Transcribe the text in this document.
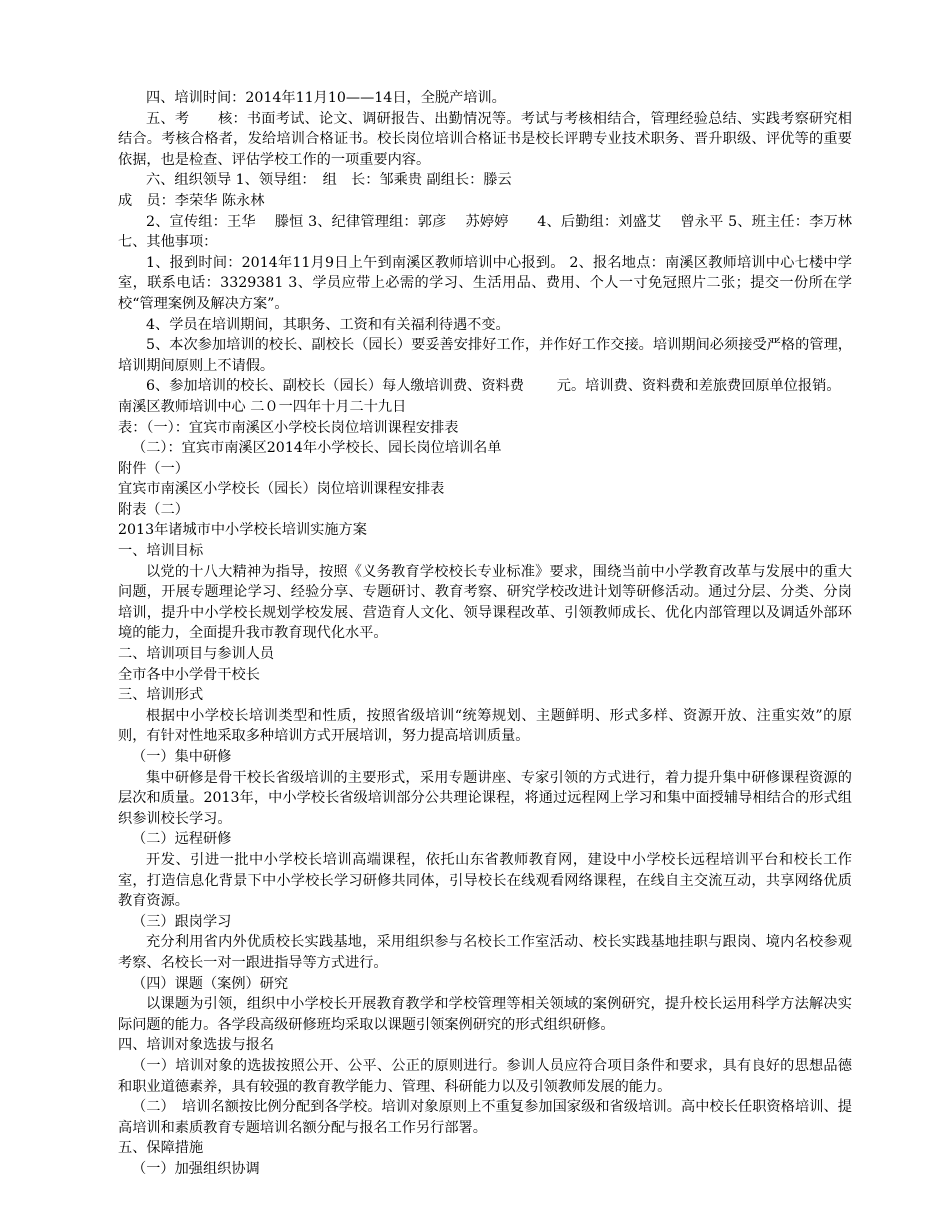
四、培训时间：2014年11月10——14日，全脱产培训。
五、考　　核：书面考试、论文、调研报告、出勤情况等。考试与考核相结合，管理经验总结、实践考察研究相结合。考核合格者，发给培训合格证书。校长岗位培训合格证书是校长评聘专业技术职务、晋升职级、评优等的重要依据，也是检查、评估学校工作的一项重要内容。
六、组织领导 1、领导组：　组　长：邹乘贵 副组长：滕云
成　员：李荣华 陈永林
2、宣传组：王华　 滕恒 3、纪律管理组：郭彦　 苏婷婷　　4、后勤组：刘盛艾　 曾永平 5、班主任：李万林 七、其他事项：
1、报到时间：2014年11月9日上午到南溪区教师培训中心报到。 2、报名地点：南溪区教师培训中心七楼中学室，联系电话：3329381 3、学员应带上必需的学习、生活用品、费用、个人一寸免冠照片二张；提交一份所在学校“管理案例及解决方案”。
4、学员在培训期间，其职务、工资和有关福利待遇不变。
5、本次参加培训的校长、副校长（园长）要妥善安排好工作，并作好工作交接。培训期间必须接受严格的管理，培训期间原则上不请假。
6、参加培训的校长、副校长（园长）每人缴培训费、资料费　　 元。培训费、资料费和差旅费回原单位报销。
南溪区教师培训中心 二０一四年十月二十九日
表：（一）：宜宾市南溪区小学校长岗位培训课程安排表
（二）：宜宾市南溪区2014年小学校长、园长岗位培训名单
附件（一）
宜宾市南溪区小学校长（园长）岗位培训课程安排表
附表（二）
2013年诸城市中小学校长培训实施方案
一、培训目标
以党的十八大精神为指导，按照《义务教育学校校长专业标准》要求，围绕当前中小学教育改革与发展中的重大问题，开展专题理论学习、经验分享、专题研讨、教育考察、研究学校改进计划等研修活动。通过分层、分类、分岗培训，提升中小学校长规划学校发展、营造育人文化、领导课程改革、引领教师成长、优化内部管理以及调适外部环境的能力，全面提升我市教育现代化水平。
二、培训项目与参训人员
全市各中小学骨干校长
三、培训形式
根据中小学校长培训类型和性质，按照省级培训“统筹规划、主题鲜明、形式多样、资源开放、注重实效”的原则，有针对性地采取多种培训方式开展培训，努力提高培训质量。
（一）集中研修
集中研修是骨干校长省级培训的主要形式，采用专题讲座、专家引领的方式进行，着力提升集中研修课程资源的层次和质量。2013年，中小学校长省级培训部分公共理论课程，将通过远程网上学习和集中面授辅导相结合的形式组织参训校长学习。
（二）远程研修
开发、引进一批中小学校长培训高端课程，依托山东省教师教育网，建设中小学校长远程培训平台和校长工作室，打造信息化背景下中小学校长学习研修共同体，引导校长在线观看网络课程，在线自主交流互动，共享网络优质教育资源。
（三）跟岗学习
充分利用省内外优质校长实践基地，采用组织参与名校长工作室活动、校长实践基地挂职与跟岗、境内名校参观考察、名校长一对一跟进指导等方式进行。
（四）课题（案例）研究
以课题为引领，组织中小学校长开展教育教学和学校管理等相关领域的案例研究，提升校长运用科学方法解决实际问题的能力。各学段高级研修班均采取以课题引领案例研究的形式组织研修。
四、培训对象选拔与报名
（一）培训对象的选拔按照公开、公平、公正的原则进行。参训人员应符合项目条件和要求，具有良好的思想品德和职业道德素养，具有较强的教育教学能力、管理、科研能力以及引领教师发展的能力。
（二）　培训名额按比例分配到各学校。培训对象原则上不重复参加国家级和省级培训。高中校长任职资格培训、提高培训和素质教育专题培训名额分配与报名工作另行部署。
五、保障措施
（一）加强组织协调
